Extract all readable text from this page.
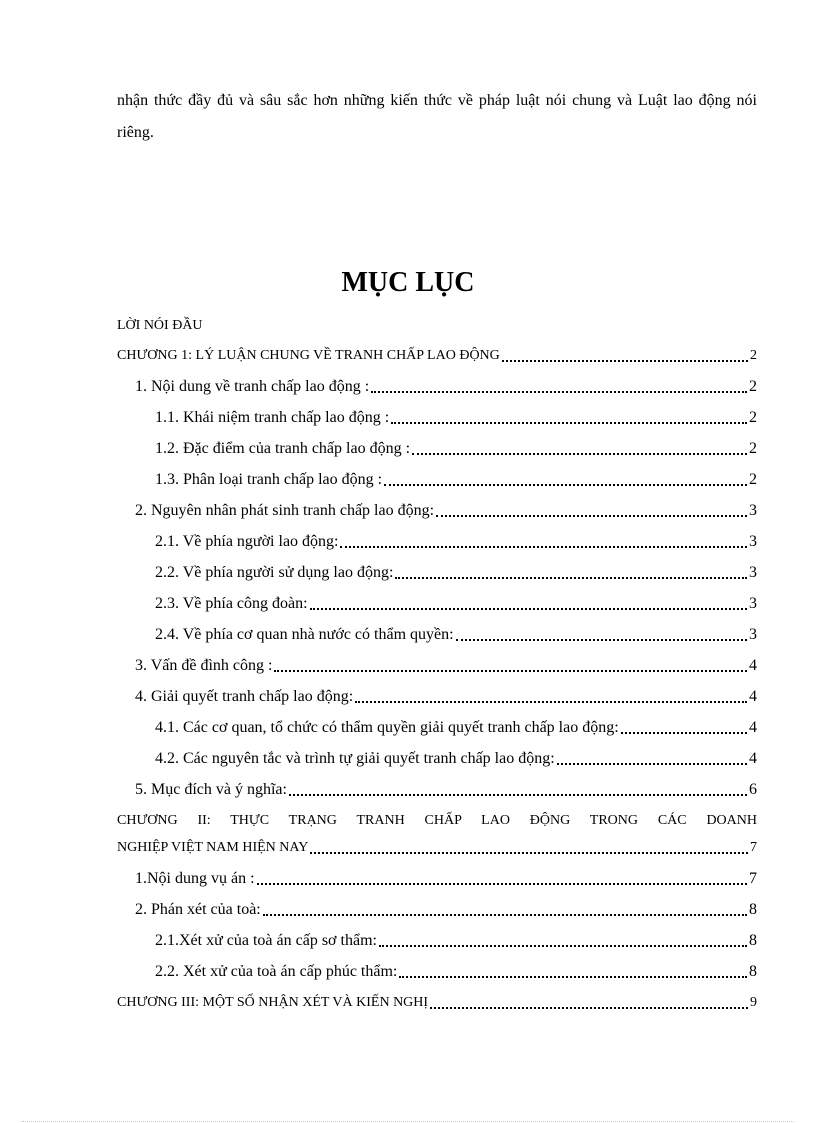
nhận thức đầy đủ và sâu sắc hơn những kiến thức về pháp luật nói chung và Luật lao động nói riêng.
MỤC LỤC
LỜI NÓI ĐẦU
CHƯƠNG 1: LÝ LUẬN CHUNG VỀ TRANH CHẤP LAO ĐỘNG	2
1. Nội dung về tranh chấp lao động :	2
1.1. Khái niệm tranh chấp lao động :	2
1.2. Đặc điểm của tranh chấp lao động :	2
1.3. Phân loại tranh chấp lao động :	2
2. Nguyên nhân phát sinh tranh chấp lao động:	3
2.1. Về phía người lao động:	3
2.2. Về phía người sử dụng lao động:	3
2.3. Về phía công đoàn:	3
2.4. Về phía cơ quan nhà nước có thẩm quyền:	3
3. Vấn đề đình công :	4
4. Giải quyết tranh chấp lao động:	4
4.1. Các cơ quan, tổ chức có thẩm quyền giải quyết tranh chấp lao động:	4
4.2. Các nguyên tắc và trình tự giải quyết tranh chấp lao động:	4
5. Mục đích và ý nghĩa:	6
CHƯƠNG II: THỰC TRẠNG TRANH CHẤP LAO ĐỘNG TRONG CÁC DOANH
NGHIỆP VIỆT NAM HIỆN NAY	7
1.Nội dung vụ án :	7
2. Phán xét của toà:	8
2.1.Xét xử của toà án cấp sơ thẩm:	8
2.2. Xét xử của toà án cấp phúc thẩm:	8
CHƯƠNG III: MỘT SỐ NHẬN XÉT VÀ KIẾN NGHỊ	9
